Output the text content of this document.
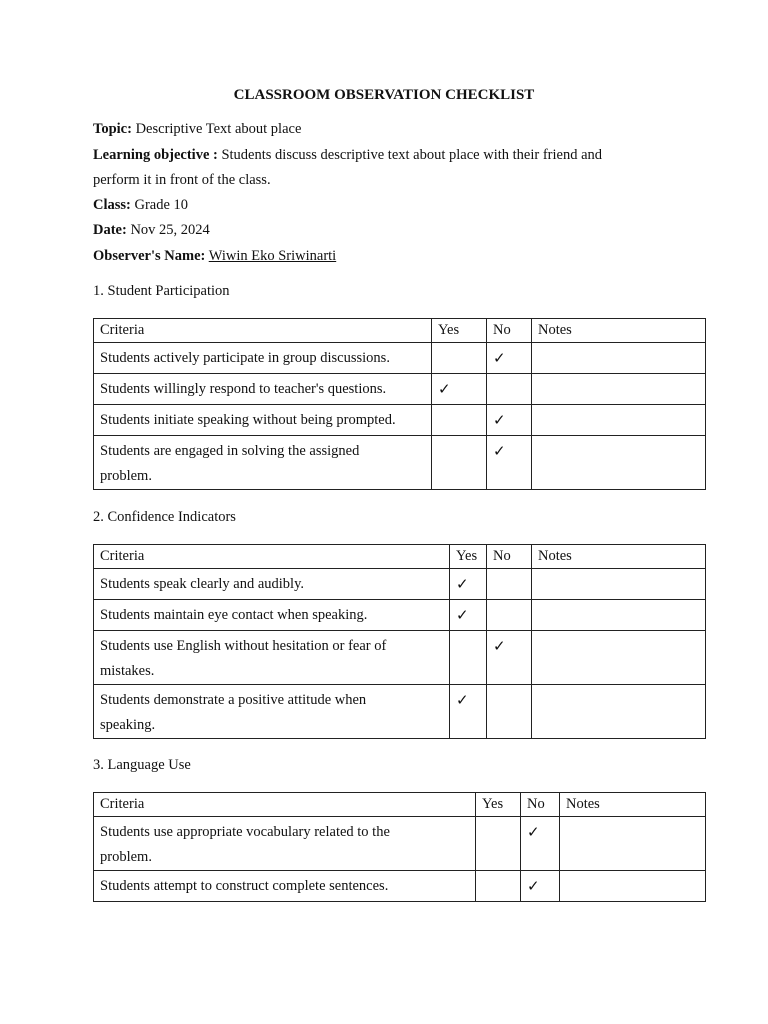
CLASSROOM OBSERVATION CHECKLIST
Topic: Descriptive Text about place
Learning objective : Students discuss descriptive text about place with their friend and
perform it in front of the class.
Class: Grade 10
Date: Nov 25, 2024
Observer's Name: Wiwin Eko Sriwinarti
1. Student Participation
Criteria	Yes	No	Notes
Students actively participate in group discussions.		✓	
Students willingly respond to teacher's questions.	✓		
Students initiate speaking without being prompted.		✓	
Students are engaged in solving the assigned
problem.		✓	
2. Confidence Indicators
Criteria	Yes	No	Notes
Students speak clearly and audibly.	✓		
Students maintain eye contact when speaking.	✓		
Students use English without hesitation or fear of
mistakes.		✓	
Students demonstrate a positive attitude when
speaking.	✓		
3. Language Use
Criteria	Yes	No	Notes
Students use appropriate vocabulary related to the
problem.		✓	
Students attempt to construct complete sentences.		✓	
